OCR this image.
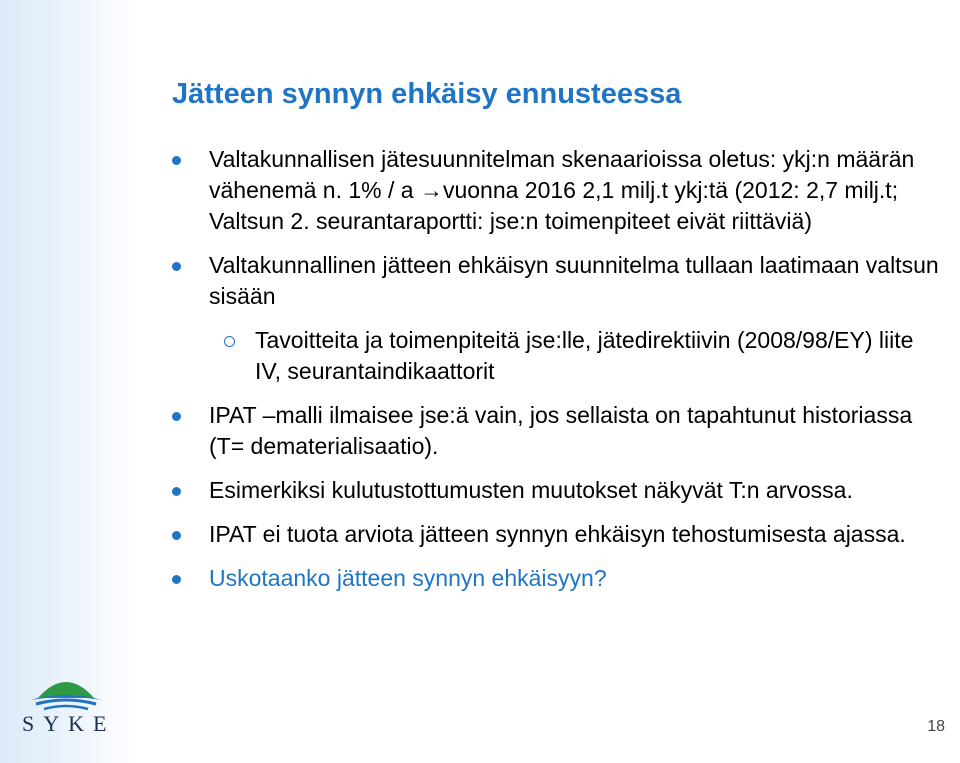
Jätteen synnyn ehkäisy ennusteessa
Valtakunnallisen jätesuunnitelman skenaarioissa oletus: ykj:n määrän vähenemä n. 1% / a →vuonna 2016 2,1 milj.t ykj:tä (2012: 2,7 milj.t; Valtsun 2. seurantaraportti: jse:n toimenpiteet eivät riittäviä)
Valtakunnallinen jätteen ehkäisyn suunnitelma tullaan laatimaan valtsun sisään
Tavoitteita ja toimenpiteitä jse:lle, jätedirektiivin (2008/98/EY) liite IV, seurantaindikaattorit
IPAT –malli ilmaisee jse:ä vain, jos sellaista on tapahtunut historiassa (T= dematerialisaatio).
Esimerkiksi kulutustottumusten muutokset näkyvät T:n arvossa.
IPAT ei tuota arviota jätteen synnyn ehkäisyn tehostumisesta ajassa.
Uskotaanko jätteen synnyn ehkäisyyn?
SYKE	18
